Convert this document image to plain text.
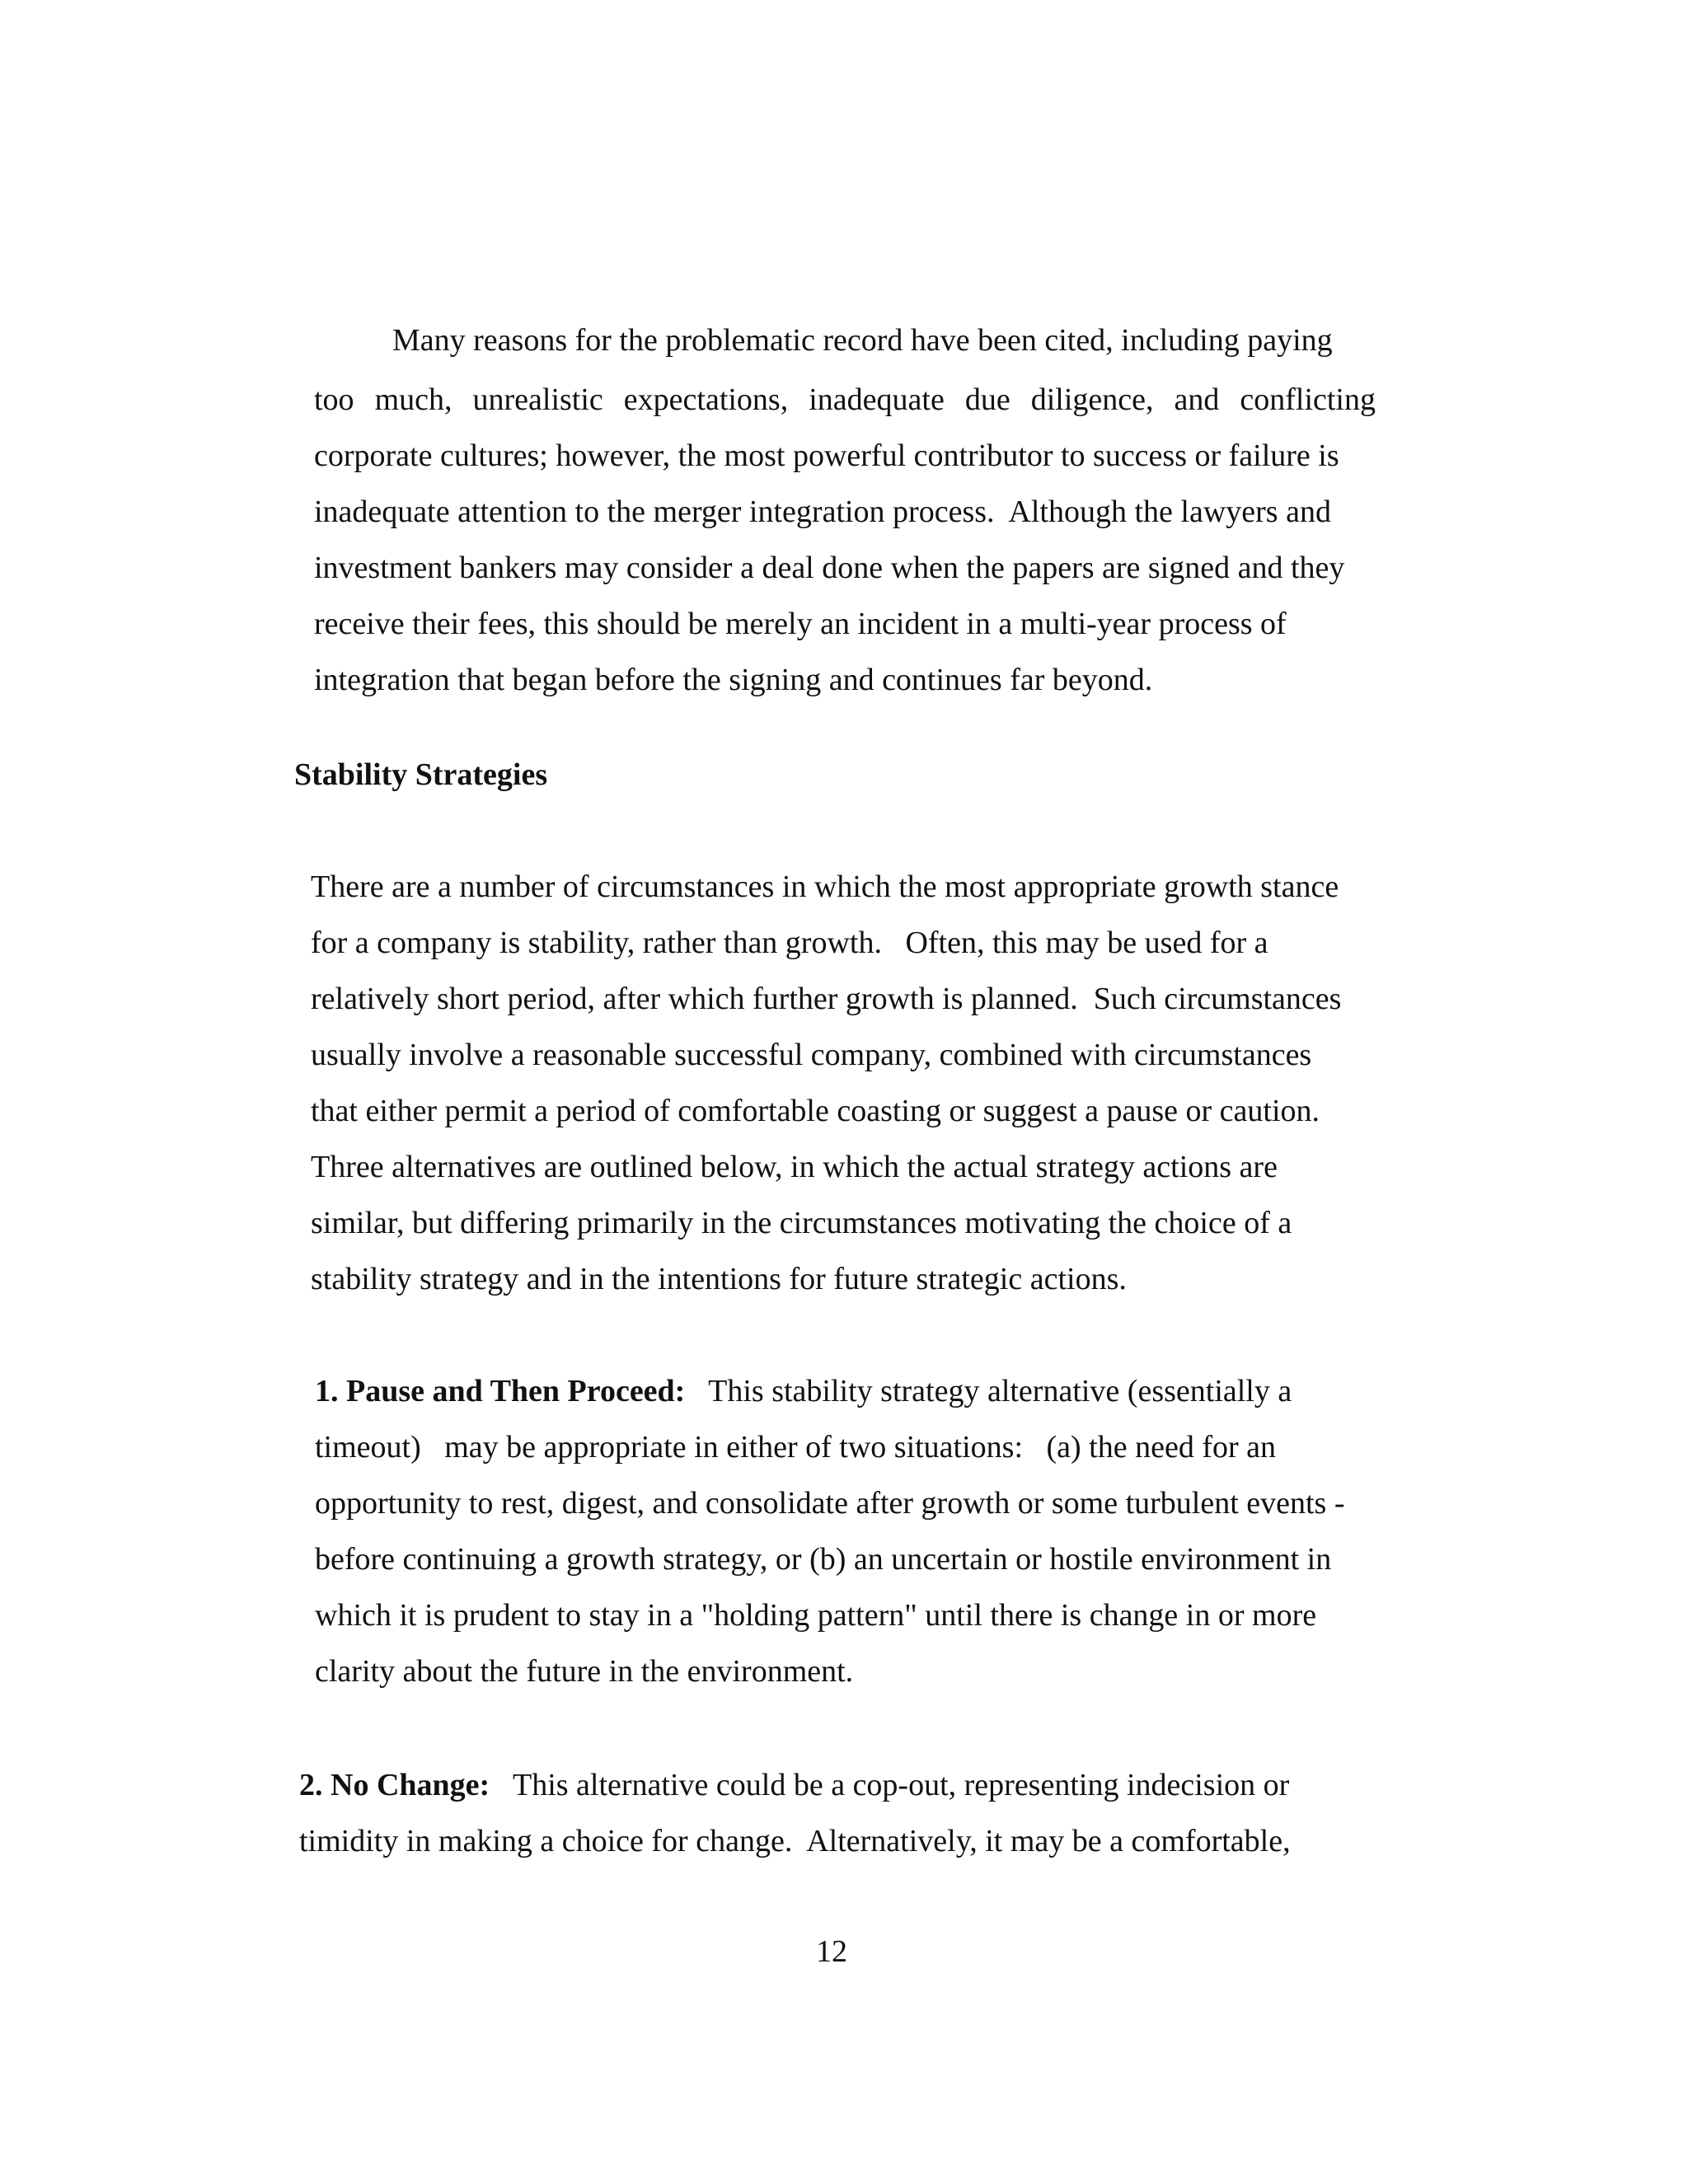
Many reasons for the problematic record have been cited, including paying
too much, unrealistic expectations, inadequate due diligence, and conflicting
corporate cultures; however, the most powerful contributor to success or failure is
inadequate attention to the merger integration process.  Although the lawyers and
investment bankers may consider a deal done when the papers are signed and they
receive their fees, this should be merely an incident in a multi-year process of
integration that began before the signing and continues far beyond.
Stability Strategies
There are a number of circumstances in which the most appropriate growth stance
for a company is stability, rather than growth.   Often, this may be used for a
relatively short period, after which further growth is planned.  Such circumstances
usually involve a reasonable successful company, combined with circumstances
that either permit a period of comfortable coasting or suggest a pause or caution.
Three alternatives are outlined below, in which the actual strategy actions are
similar, but differing primarily in the circumstances motivating the choice of a
stability strategy and in the intentions for future strategic actions.
1. Pause and Then Proceed:   This stability strategy alternative (essentially a
timeout)   may be appropriate in either of two situations:   (a) the need for an
opportunity to rest, digest, and consolidate after growth or some turbulent events -
before continuing a growth strategy, or (b) an uncertain or hostile environment in
which it is prudent to stay in a "holding pattern" until there is change in or more
clarity about the future in the environment.
2. No Change:   This alternative could be a cop-out, representing indecision or
timidity in making a choice for change.  Alternatively, it may be a comfortable,
12
